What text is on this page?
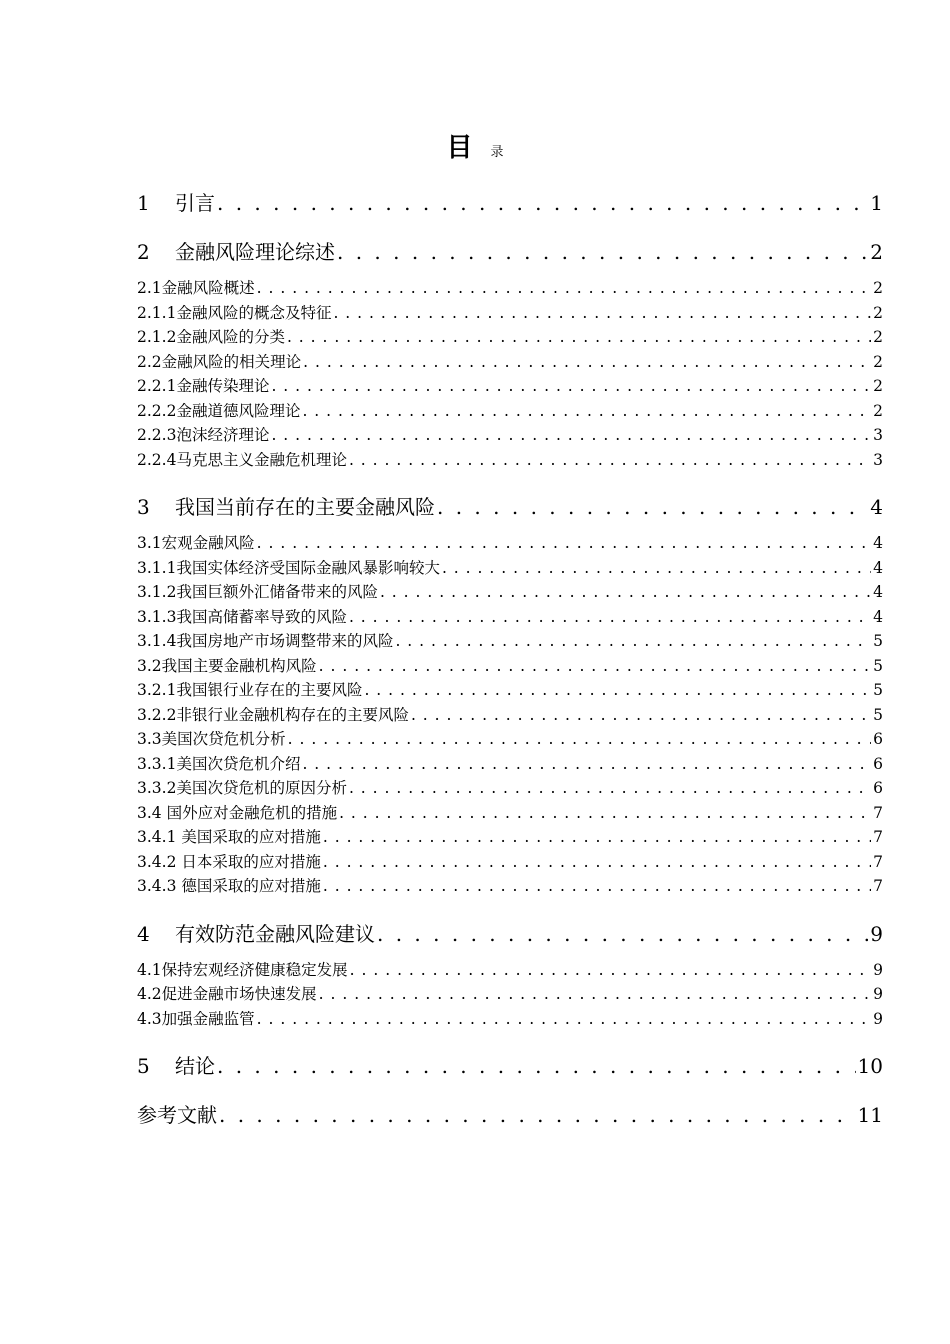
目 录
1 引言 . . .	1
2 金融风险理论综述 . . .	2
2.1金融风险概述 . . .	2
2.1.1金融风险的概念及特征 . . .	2
2.1.2金融风险的分类 . . .	2
2.2金融风险的相关理论 . . .	2
2.2.1金融传染理论 . . .	2
2.2.2金融道德风险理论 . . .	2
2.2.3泡沫经济理论 . . .	3
2.2.4马克思主义金融危机理论 . . .	3
3 我国当前存在的主要金融风险 . . .	4
3.1宏观金融风险 . . .	4
3.1.1我国实体经济受国际金融风暴影响较大 . . .	4
3.1.2我国巨额外汇储备带来的风险 . . .	4
3.1.3我国高储蓄率导致的风险 . . .	4
3.1.4我国房地产市场调整带来的风险 . . .	5
3.2我国主要金融机构风险 . . .	5
3.2.1我国银行业存在的主要风险 . . .	5
3.2.2非银行业金融机构存在的主要风险 . . .	5
3.3美国次贷危机分析 . . .	6
3.3.1美国次贷危机介绍 . . .	6
3.3.2美国次贷危机的原因分析 . . .	6
3.4 国外应对金融危机的措施 . . .	7
3.4.1 美国采取的应对措施 . . .	7
3.4.2 日本采取的应对措施 . . .	7
3.4.3 德国采取的应对措施 . . .	7
4 有效防范金融风险建议 . . .	9
4.1保持宏观经济健康稳定发展 . . .	9
4.2促进金融市场快速发展 . . .	9
4.3加强金融监管 . . .	9
5 结论 . . .	10
参考文献 . . .	11
